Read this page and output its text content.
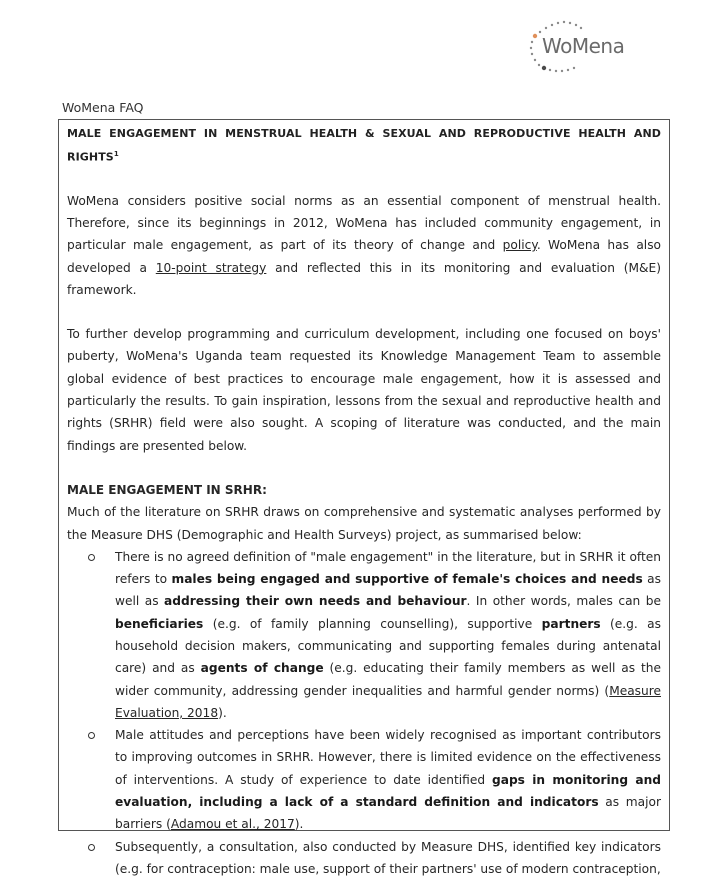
WoMena
WoMena FAQ
MALE ENGAGEMENT IN MENSTRUAL HEALTH & SEXUAL AND REPRODUCTIVE HEALTH AND RIGHTS$^1$

WoMena considers positive social norms as an essential component of menstrual health. Therefore, since its beginnings in 2012, WoMena has included community engagement, in particular male engagement, as part of its theory of change and policy. WoMena has also developed a 10-point strategy and reflected this in its monitoring and evaluation (M&E) framework.

To further develop programming and curriculum development, including one focused on boys' puberty, WoMena's Uganda team requested its Knowledge Management Team to assemble global evidence of best practices to encourage male engagement, how it is assessed and particularly the results. To gain inspiration, lessons from the sexual and reproductive health and rights (SRHR) field were also sought. A scoping of literature was conducted, and the main findings are presented below.

MALE ENGAGEMENT IN SRHR:

Much of the literature on SRHR draws on comprehensive and systematic analyses performed by the Measure DHS (Demographic and Health Surveys) project, as summarised below:

There is no agreed definition of "male engagement" in the literature, but in SRHR it often refers to males being engaged and supportive of female's choices and needs as well as addressing their own needs and behaviour. In other words, males can be beneficiaries (e.g. of family planning counselling), supportive partners (e.g. as household decision makers, communicating and supporting females during antenatal care) and as agents of change (e.g. educating their family members as well as the wider community, addressing gender inequalities and harmful gender norms) (Measure Evaluation, 2018).

Male attitudes and perceptions have been widely recognised as important contributors to improving outcomes in SRHR. However, there is limited evidence on the effectiveness of interventions. A study of experience to date identified gaps in monitoring and evaluation, including a lack of a standard definition and indicators as major barriers (Adamou et al., 2017).

Subsequently, a consultation, also conducted by Measure DHS, identified key indicators (e.g. for contraception: male use, support of their partners' use of modern contraception,
